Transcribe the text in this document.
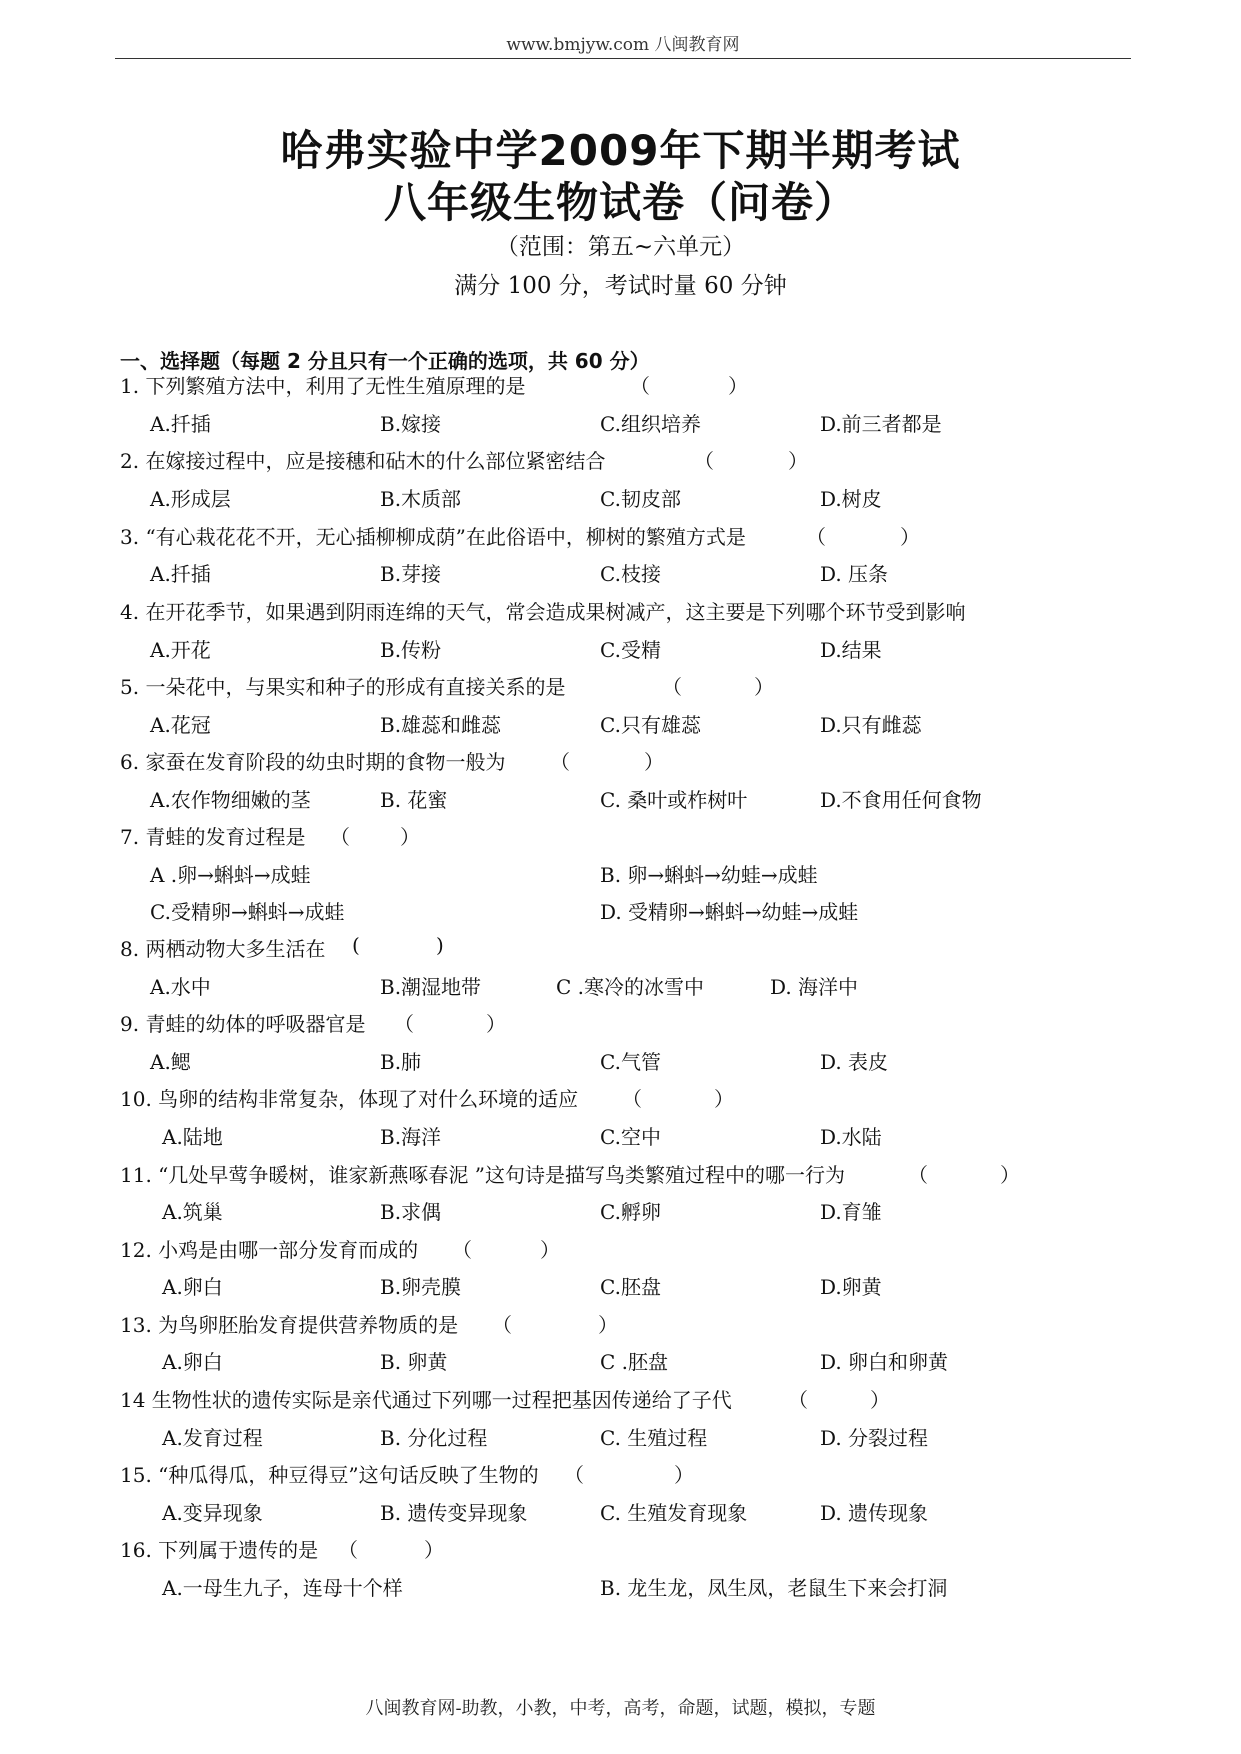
www.bmjyw.com 八闽教育网
哈弗实验中学2009年下期半期考试
八年级生物试卷（问卷）
（范围：第五~六单元）
满分 100 分，考试时量 60 分钟
一、选择题（每题 2 分且只有一个正确的选项，共 60 分）
1. 下列繁殖方法中，利用了无性生殖原理的是	（	）
A.扦插	B.嫁接	C.组织培养	D.前三者都是
2. 在嫁接过程中，应是接穗和砧木的什么部位紧密结合	（	）
A.形成层	B.木质部	C.韧皮部	D.树皮
3. “有心栽花花不开，无心插柳柳成荫”在此俗语中，柳树的繁殖方式是	（	）
A.扦插	B.芽接	C.枝接	D. 压条
4. 在开花季节，如果遇到阴雨连绵的天气，常会造成果树减产，这主要是下列哪个环节受到影响
A.开花	B.传粉	C.受精	D.结果
5. 一朵花中，与果实和种子的形成有直接关系的是	（	）
A.花冠	B.雄蕊和雌蕊	C.只有雄蕊	D.只有雌蕊
6. 家蚕在发育阶段的幼虫时期的食物一般为 （	）
A.农作物细嫩的茎	B. 花蜜	C. 桑叶或柞树叶	D.不食用任何食物
7. 青蛙的发育过程是 （	）
A .卵→蝌蚪→成蛙	B. 卵→蝌蚪→幼蛙→成蛙
C.受精卵→蝌蚪→成蛙	D. 受精卵→蝌蚪→幼蛙→成蛙
8. 两栖动物大多生活在 (	)
A.水中	B.潮湿地带	C .寒冷的冰雪中	D. 海洋中
9. 青蛙的幼体的呼吸器官是 （	）
A.鳃	B.肺	C.气管	D. 表皮
10. 鸟卵的结构非常复杂，体现了对什么环境的适应 （	）
A.陆地	B.海洋	C.空中	D.水陆
11. “几处早莺争暖树，谁家新燕啄春泥 ”这句诗是描写鸟类繁殖过程中的哪一行为	（	）
A.筑巢	B.求偶	C.孵卵	D.育雏
12. 小鸡是由哪一部分发育而成的 （	）
A.卵白	B.卵壳膜	C.胚盘	D.卵黄
13. 为鸟卵胚胎发育提供营养物质的是 （	）
A.卵白	B. 卵黄	C .胚盘	D. 卵白和卵黄
14 生物性状的遗传实际是亲代通过下列哪一过程把基因传递给了子代	（	）
A.发育过程	B. 分化过程	C. 生殖过程	D. 分裂过程
15. “种瓜得瓜，种豆得豆”这句话反映了生物的 （	）
A.变异现象	B. 遗传变异现象	C. 生殖发育现象	D. 遗传现象
16. 下列属于遗传的是 （	）
A.一母生九子，连母十个样	B. 龙生龙，凤生凤，老鼠生下来会打洞
八闽教育网-助教，小教，中考，高考，命题，试题，模拟，专题
